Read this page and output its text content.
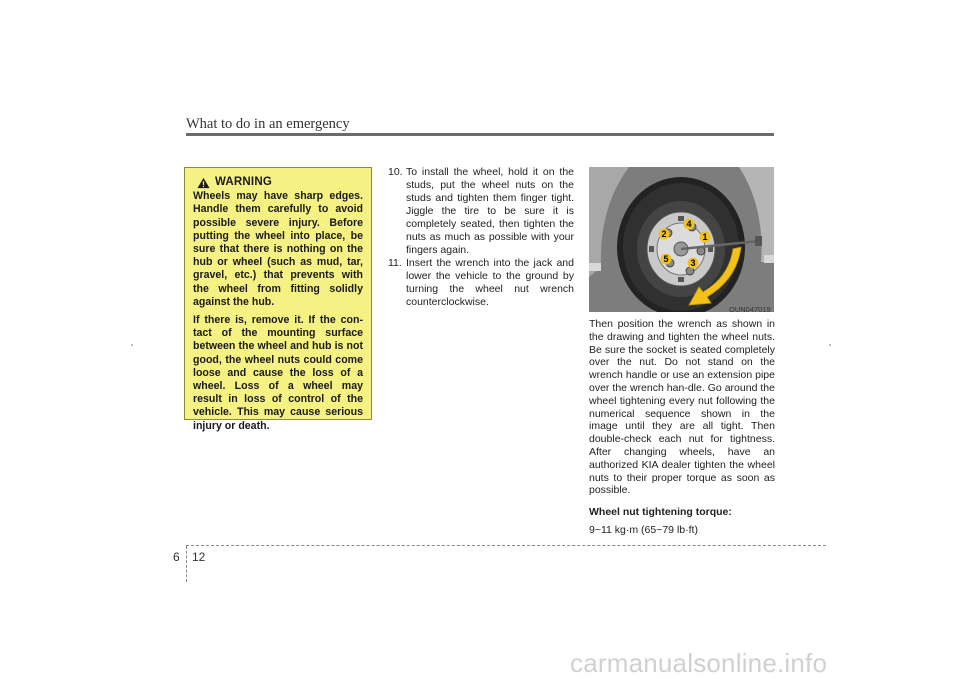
What to do in an emergency
WARNING

Wheels may have sharp edges. Handle them carefully to avoid possible severe injury. Before putting the wheel into place, be sure that there is nothing on the hub or wheel (such as mud, tar, gravel, etc.) that prevents with the wheel from fitting solidly against the hub.

If there is, remove it. If the con-tact of the mounting surface between the wheel and hub is not good, the wheel nuts could come loose and cause the loss of a wheel. Loss of a wheel may result in loss of control of the vehicle. This may cause serious injury or death.

10. To install the wheel, hold it on the studs, put the wheel nuts on the studs and tighten them finger tight. Jiggle the tire to be sure it is completely seated, then tighten the nuts as much as possible with your fingers again.
11. Insert the wrench into the jack and lower the vehicle to the ground by turning the wheel nut wrench counterclockwise.
4
2	1
5 3
OUN047019

Then position the wrench as shown in the drawing and tighten the wheel nuts. Be sure the socket is seated completely over the nut. Do not stand on the wrench handle or use an extension pipe over the wrench han-dle. Go around the wheel tightening every nut following the numerical sequence shown in the image until they are all tight. Then double-check each nut for tightness. After changing wheels, have an authorized KIA dealer tighten the wheel nuts to their proper torque as soon as possible.

Wheel nut tightening torque:

9~11 kg·m (65~79 lb·ft)

6 12
carmanualsonline.info
